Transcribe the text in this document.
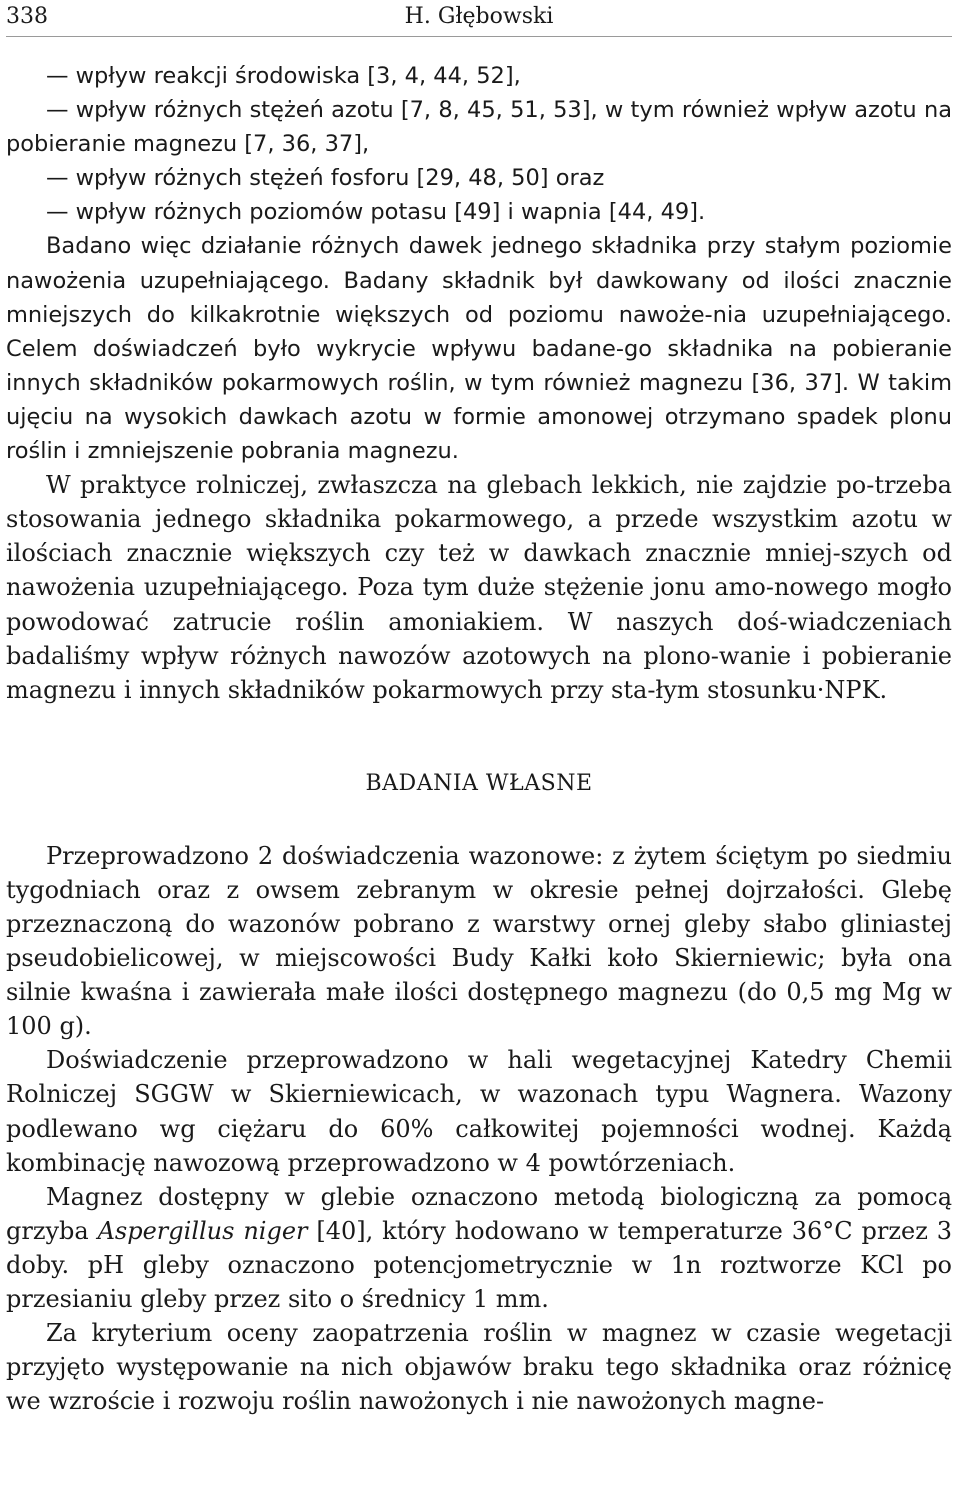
338	H. Głębowski

— wpływ reakcji środowiska [3, 4, 44, 52],

— wpływ różnych stężeń azotu [7, 8, 45, 51, 53], w tym również wpływ azotu na pobieranie magnezu [7, 36, 37],

— wpływ różnych stężeń fosforu [29, 48, 50] oraz

— wpływ różnych poziomów potasu [49] i wapnia [44, 49].

Badano więc działanie różnych dawek jednego składnika przy stałym poziomie nawożenia uzupełniającego. Badany składnik był dawkowany od ilości znacznie mniejszych do kilkakrotnie większych od poziomu nawoże-nia uzupełniającego. Celem doświadczeń było wykrycie wpływu badane-go składnika na pobieranie innych składników pokarmowych roślin, w tym również magnezu [36, 37]. W takim ujęciu na wysokich dawkach azotu w formie amonowej otrzymano spadek plonu roślin i zmniejszenie pobrania magnezu.

W praktyce rolniczej, zwłaszcza na glebach lekkich, nie zajdzie po-trzeba stosowania jednego składnika pokarmowego, a przede wszystkim azotu w ilościach znacznie większych czy też w dawkach znacznie mniej-szych od nawożenia uzupełniającego. Poza tym duże stężenie jonu amo-nowego mogło powodować zatrucie roślin amoniakiem. W naszych doś-wiadczeniach badaliśmy wpływ różnych nawozów azotowych na plono-wanie i pobieranie magnezu i innych składników pokarmowych przy sta-łym stosunku·NPK.

BADANIA WŁASNE

Przeprowadzono 2 doświadczenia wazonowe: z żytem ściętym po siedmiu tygodniach oraz z owsem zebranym w okresie pełnej dojrzałości. Glebę przeznaczoną do wazonów pobrano z warstwy ornej gleby słabo gliniastej pseudobielicowej, w miejscowości Budy Kałki koło Skierniewic; była ona silnie kwaśna i zawierała małe ilości dostępnego magnezu (do 0,5 mg Mg w 100 g).

Doświadczenie przeprowadzono w hali wegetacyjnej Katedry Chemii Rolniczej SGGW w Skierniewicach, w wazonach typu Wagnera. Wazony podlewano wg ciężaru do 60% całkowitej pojemności wodnej. Każdą kombinację nawozową przeprowadzono w 4 powtórzeniach.

Magnez dostępny w glebie oznaczono metodą biologiczną za pomocą grzyba Aspergillus niger [40], który hodowano w temperaturze 36°C przez 3 doby. pH gleby oznaczono potencjometrycznie w 1n roztworze KCl po przesianiu gleby przez sito o średnicy 1 mm.

Za kryterium oceny zaopatrzenia roślin w magnez w czasie wegetacji przyjęto występowanie na nich objawów braku tego składnika oraz różnicę we wzroście i rozwoju roślin nawożonych i nie nawożonych magne-
